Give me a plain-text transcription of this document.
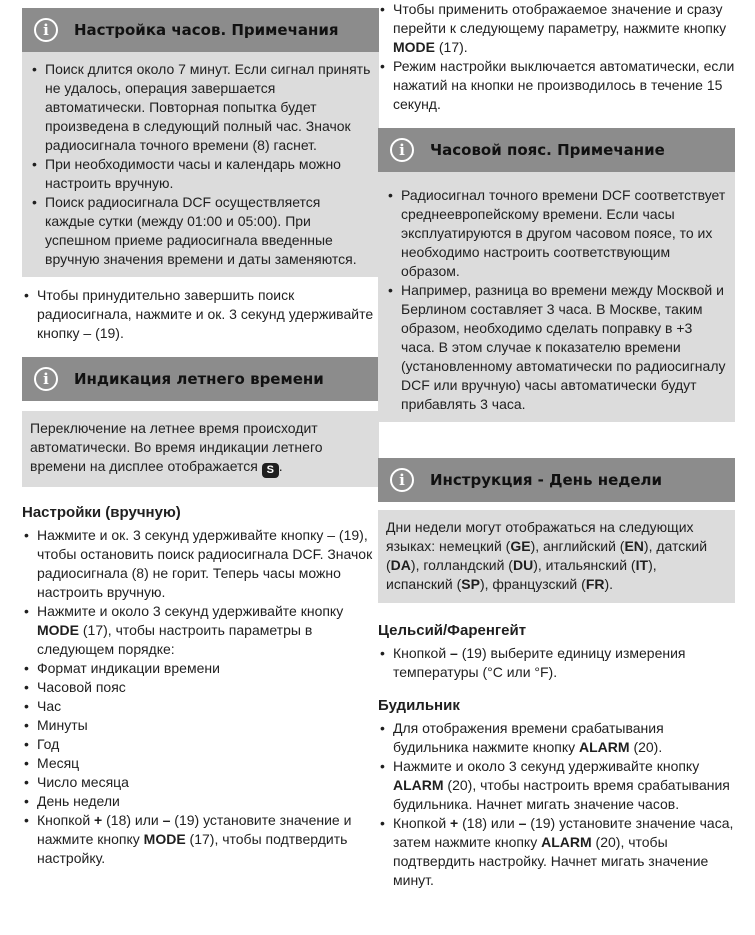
i Настройка часов. Примечания
• Поиск длится около 7 минут. Если сигнал принять не удалось, операция завершается автоматически. Повторная попытка будет произведена в следующий полный час. Значок радиосигнала точного времени (8) гаснет.
• При необходимости часы и календарь можно настроить вручную.
• Поиск радиосигнала DCF осуществляется каждые сутки (между 01:00 и 05:00). При успешном приеме радиосигнала введенные вручную значения времени и даты заменяются.
• Чтобы принудительно завершить поиск радиосигнала, нажмите и ок. 3 секунд удерживайте кнопку – (19).
i Индикация летнего времени
Переключение на летнее время происходит автоматически. Во время индикации летнего времени на дисплее отображается S .
Настройки (вручную)
• Нажмите и ок. 3 секунд удерживайте кнопку – (19), чтобы остановить поиск радиосигнала DCF. Значок радиосигнала (8) не горит. Теперь часы можно настроить вручную.
• Нажмите и около 3 секунд удерживайте кнопку MODE (17), чтобы настроить параметры в следующем порядке:
• Формат индикации времени
• Часовой пояс
• Час
• Минуты
• Год
• Месяц
• Число месяца
• День недели
• Кнопкой + (18) или – (19) установите значение и нажмите кнопку MODE (17), чтобы подтвердить настройку.
• Чтобы применить отображаемое значение и сразу перейти к следующему параметру, нажмите кнопку MODE (17).
• Режим настройки выключается автоматически, если нажатий на кнопки не производилось в течение 15 секунд.
i Часовой пояс. Примечание
• Радиосигнал точного времени DCF соответствует среднеевропейскому времени. Если часы эксплуатируются в другом часовом поясе, то их необходимо настроить соответствующим образом.
• Например, разница во времени между Москвой и Берлином составляет 3 часа. В Москве, таким образом, необходимо сделать поправку в +3 часа. В этом случае к показателю времени (установленному автоматически по радиосигналу DCF или вручную) часы автоматически будут прибавлять 3 часа.
i Инструкция - День недели
Дни недели могут отображаться на следующих языках: немецкий (GE), английский (EN), датский (DA), голландский (DU), итальянский (IT), испанский (SP), французский (FR).
Цельсий/Фаренгейт
• Кнопкой – (19) выберите единицу измерения температуры (°C или °F).
Будильник
• Для отображения времени срабатывания будильника нажмите кнопку ALARM (20).
• Нажмите и около 3 секунд удерживайте кнопку ALARM (20), чтобы настроить время срабатывания будильника. Начнет мигать значение часов.
• Кнопкой + (18) или – (19) установите значение часа, затем нажмите кнопку ALARM (20), чтобы подтвердить настройку. Начнет мигать значение минут.
